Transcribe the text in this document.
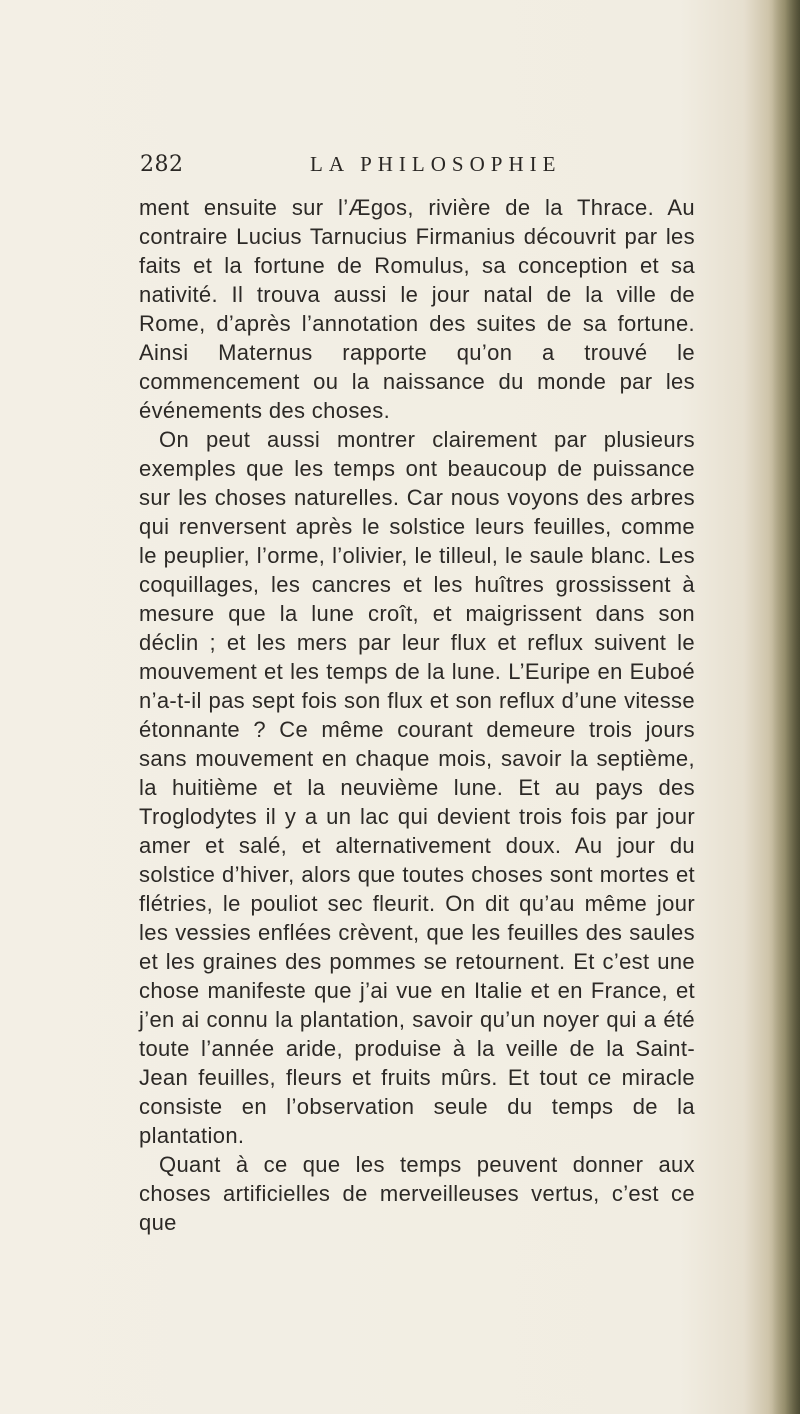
282	LA PHILOSOPHIE

ment ensuite sur l’Ægos, rivière de la Thrace. Au contraire Lucius Tarnucius Firmanius découvrit par les faits et la fortune de Romulus, sa conception et sa nativité. Il trouva aussi le jour natal de la ville de Rome, d’après l’annotation des suites de sa fortune. Ainsi Maternus rapporte qu’on a trouvé le commencement ou la naissance du monde par les événements des choses.

On peut aussi montrer clairement par plusieurs exemples que les temps ont beaucoup de puissance sur les choses naturelles. Car nous voyons des arbres qui renversent après le solstice leurs feuilles, comme le peuplier, l’orme, l’olivier, le tilleul, le saule blanc. Les coquillages, les cancres et les huîtres grossissent à mesure que la lune croît, et maigrissent dans son déclin ; et les mers par leur flux et reflux suivent le mouvement et les temps de la lune. L’Euripe en Euboé n’a-t-il pas sept fois son flux et son reflux d’une vitesse étonnante ? Ce même courant demeure trois jours sans mouvement en chaque mois, savoir la septième, la huitième et la neuvième lune. Et au pays des Troglodytes il y a un lac qui devient trois fois par jour amer et salé, et alternativement doux. Au jour du solstice d’hiver, alors que toutes choses sont mortes et flétries, le pouliot sec fleurit. On dit qu’au même jour les vessies enflées crèvent, que les feuilles des saules et les graines des pommes se retournent. Et c’est une chose manifeste que j’ai vue en Italie et en France, et j’en ai connu la plantation, savoir qu’un noyer qui a été toute l’année aride, produise à la veille de la Saint-Jean feuilles, fleurs et fruits mûrs. Et tout ce miracle consiste en l’observation seule du temps de la plantation.

Quant à ce que les temps peuvent donner aux choses artificielles de merveilleuses vertus, c’est ce que
